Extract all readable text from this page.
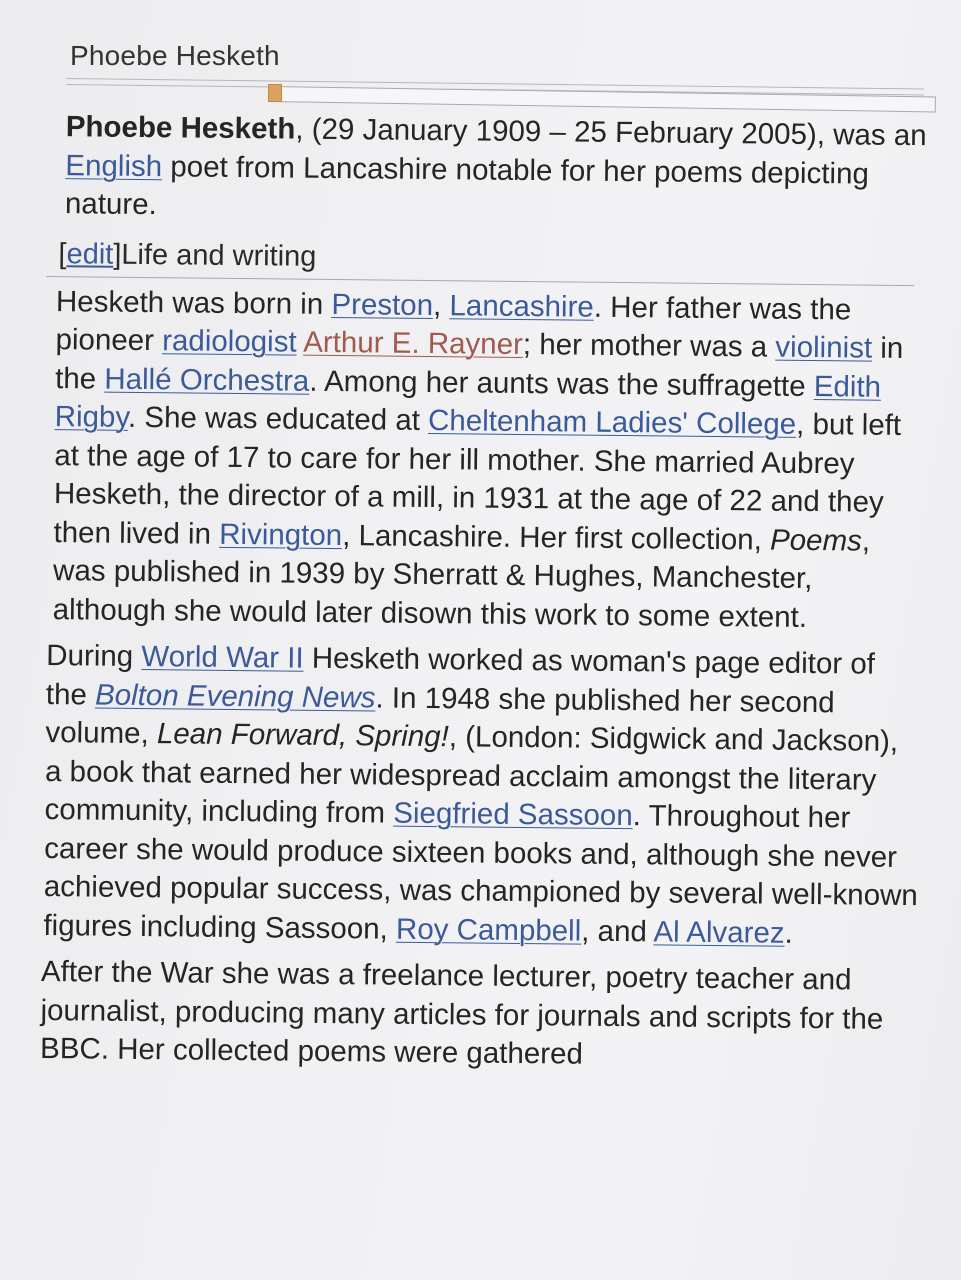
Phoebe Hesketh

Phoebe Hesketh, (29 January 1909 – 25 February 2005), was an English poet from Lancashire notable for her poems depicting nature.

[edit]Life and writing

Hesketh was born in Preston, Lancashire. Her father was the pioneer radiologist Arthur E. Rayner; her mother was a violinist in the Hallé Orchestra. Among her aunts was the suffragette Edith Rigby. She was educated at Cheltenham Ladies' College, but left at the age of 17 to care for her ill mother. She married Aubrey Hesketh, the director of a mill, in 1931 at the age of 22 and they then lived in Rivington, Lancashire. Her first collection, Poems, was published in 1939 by Sherratt & Hughes, Manchester, although she would later disown this work to some extent.

During World War II Hesketh worked as woman's page editor of the Bolton Evening News. In 1948 she published her second volume, Lean Forward, Spring!, (London: Sidgwick and Jackson), a book that earned her widespread acclaim amongst the literary community, including from Siegfried Sassoon. Throughout her career she would produce sixteen books and, although she never achieved popular success, was championed by several well-known figures including Sassoon, Roy Campbell, and Al Alvarez.

After the War she was a freelance lecturer, poetry teacher and journalist, producing many articles for journals and scripts for the BBC. Her collected poems were gathered
